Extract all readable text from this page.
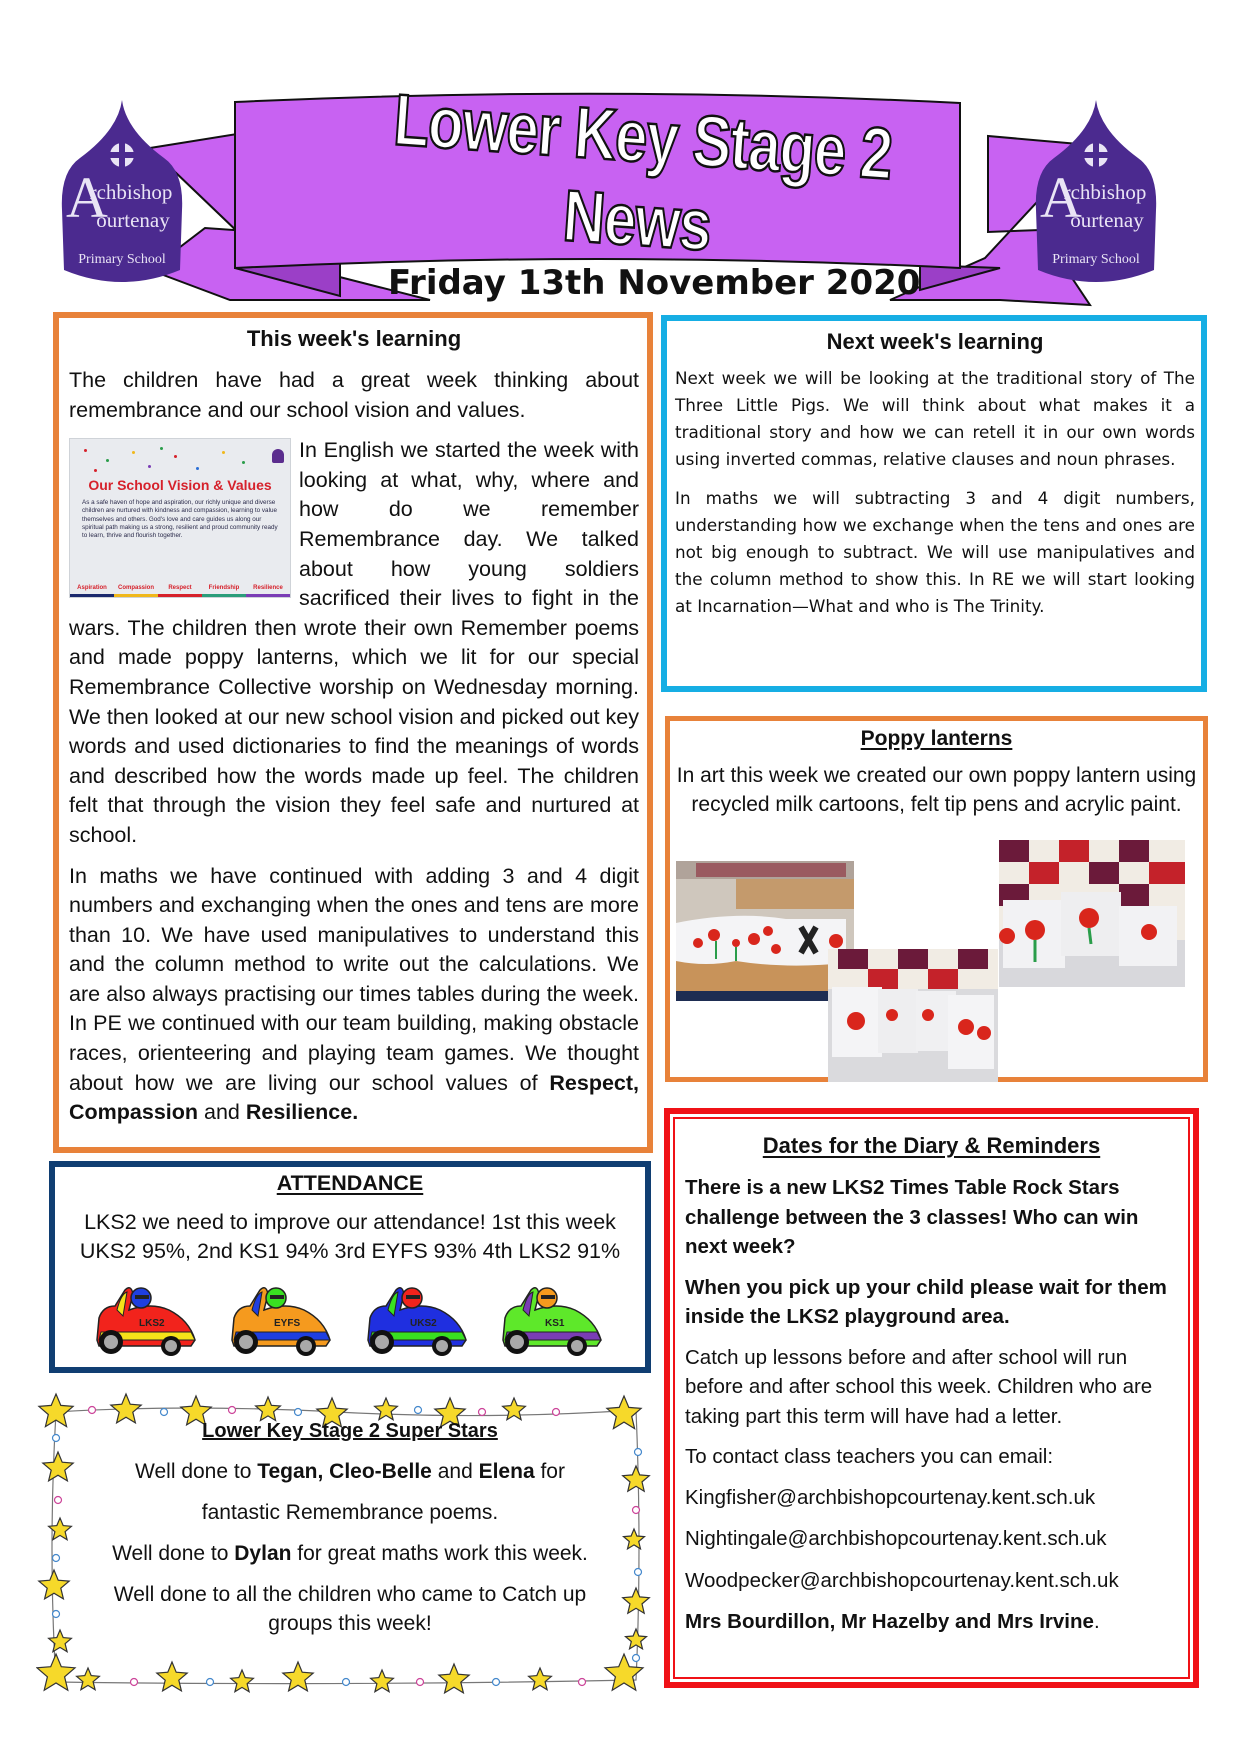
A
rchbishop
ourtenay
Primary School
A
rchbishop
ourtenay
Primary School
Lower Key Stage 2 News
Friday 13th November 2020
This week's learning

The children have had a great week thinking about remembrance and our school vision and values.

Our School Vision & Values
As a safe haven of hope and aspiration, our richly unique and diverse children are nurtured with kindness and compassion, learning to value themselves and others. God's love and care guides us along our spiritual path making us a strong, resilient and proud community ready to learn, thrive and flourish together.
Aspiration	Compassion	Respect	Friendship	Resilience

In English we started the week with looking at what, why, where and how do we remember Remembrance day. We talked about how young soldiers sacrificed their lives to fight in the wars. The children then wrote their own Remember poems and made poppy lanterns, which we lit for our special Remembrance Collective worship on Wednesday morning. We then looked at our new school vision and picked out key words and used dictionaries to find the meanings of words and described how the words made up feel. The children felt that through the vision they feel safe and nurtured at school.

In maths we have continued with adding 3 and 4 digit numbers and exchanging when the ones and tens are more than 10. We have used manipulatives to understand this and the column method to write out the calculations. We are also always practising our times tables during the week. In PE we continued with our team building, making obstacle races, orienteering and playing team games. We thought about how we are living our school values of Respect, Compassion and Resilience.

Next week's learning

Next week we will be looking at the traditional story of The Three Little Pigs. We will think about what makes it a traditional story and how we can retell it in our own words using inverted commas, relative clauses and noun phrases.

In maths we will subtracting 3 and 4 digit numbers, understanding how we exchange when the tens and ones are not big enough to subtract. We will use manipulatives and the column method to show this. In RE we will start looking at Incarnation—What and who is The Trinity.

Poppy lanterns

In art this week we created our own poppy lantern using recycled milk cartoons, felt tip pens and acrylic paint.

ATTENDANCE

LKS2 we need to improve our attendance! 1st this week UKS2 95%, 2nd KS1 94% 3rd EYFS 93% 4th LKS2 91%

LKS2	EYFS	UKS2	KS1
Lower Key Stage 2 Super Stars

Well done to Tegan, Cleo-Belle and Elena for

fantastic Remembrance poems.

Well done to Dylan for great maths work this week.

Well done to all the children who came to Catch up groups this week!

Dates for the Diary & Reminders

There is a new LKS2 Times Table Rock Stars challenge between the 3 classes! Who can win next week?

When you pick up your child please wait for them inside the LKS2 playground area.

Catch up lessons before and after school will run before and after school this week. Children who are taking part this term will have had a letter.

To contact class teachers you can email:

Kingfisher@archbishopcourtenay.kent.sch.uk

Nightingale@archbishopcourtenay.kent.sch.uk

Woodpecker@archbishopcourtenay.kent.sch.uk

Mrs Bourdillon, Mr Hazelby and Mrs Irvine.
